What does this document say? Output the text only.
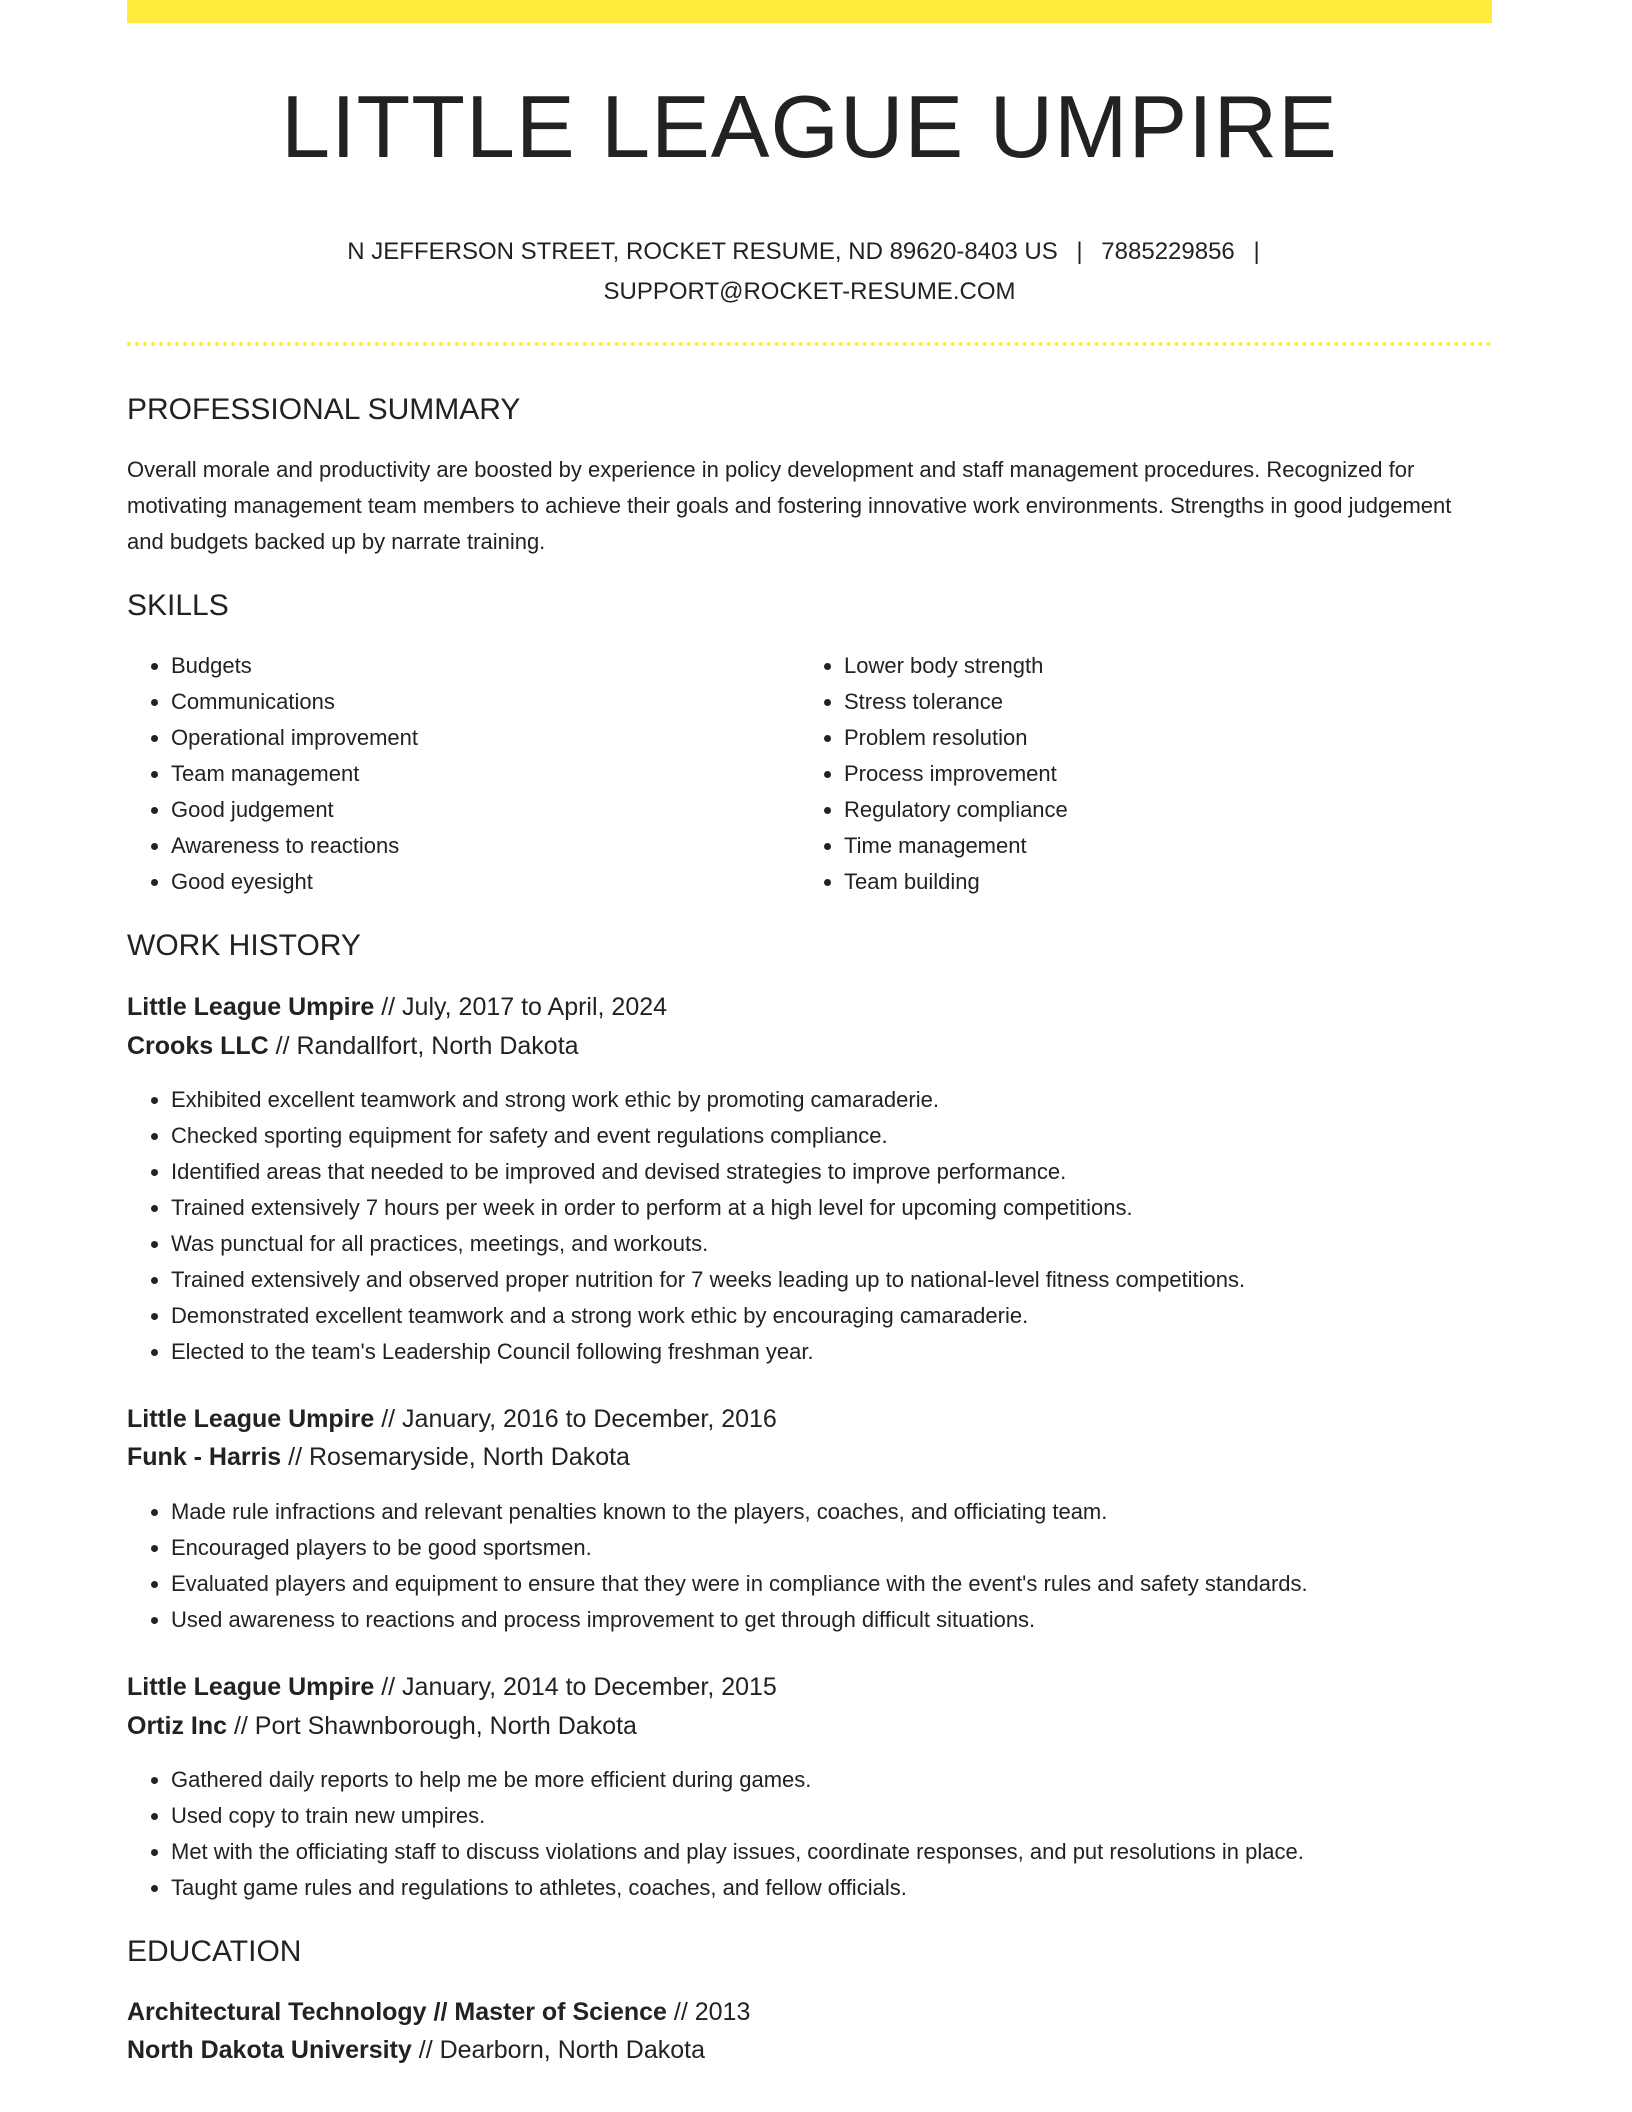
LITTLE LEAGUE UMPIRE
N JEFFERSON STREET, ROCKET RESUME, ND 89620-8403 US | 7885229856 |
SUPPORT@ROCKET-RESUME.COM
PROFESSIONAL SUMMARY

Overall morale and productivity are boosted by experience in policy development and staff management procedures. Recognized for motivating management team members to achieve their goals and fostering innovative work environments. Strengths in good judgement and budgets backed up by narrate training.

SKILLS
• Budgets
• Communications
• Operational improvement
• Team management
• Good judgement
• Awareness to reactions
• Good eyesight
• Lower body strength
• Stress tolerance
• Problem resolution
• Process improvement
• Regulatory compliance
• Time management
• Team building
WORK HISTORY
Little League Umpire // July, 2017 to April, 2024
Crooks LLC // Randallfort, North Dakota
• Exhibited excellent teamwork and strong work ethic by promoting camaraderie.
• Checked sporting equipment for safety and event regulations compliance.
• Identified areas that needed to be improved and devised strategies to improve performance.
• Trained extensively 7 hours per week in order to perform at a high level for upcoming competitions.
• Was punctual for all practices, meetings, and workouts.
• Trained extensively and observed proper nutrition for 7 weeks leading up to national-level fitness competitions.
• Demonstrated excellent teamwork and a strong work ethic by encouraging camaraderie.
• Elected to the team's Leadership Council following freshman year.
Little League Umpire // January, 2016 to December, 2016
Funk - Harris // Rosemaryside, North Dakota
• Made rule infractions and relevant penalties known to the players, coaches, and officiating team.
• Encouraged players to be good sportsmen.
• Evaluated players and equipment to ensure that they were in compliance with the event's rules and safety standards.
• Used awareness to reactions and process improvement to get through difficult situations.
Little League Umpire // January, 2014 to December, 2015
Ortiz Inc // Port Shawnborough, North Dakota
• Gathered daily reports to help me be more efficient during games.
• Used copy to train new umpires.
• Met with the officiating staff to discuss violations and play issues, coordinate responses, and put resolutions in place.
• Taught game rules and regulations to athletes, coaches, and fellow officials.
EDUCATION
Architectural Technology // Master of Science // 2013
North Dakota University // Dearborn, North Dakota
